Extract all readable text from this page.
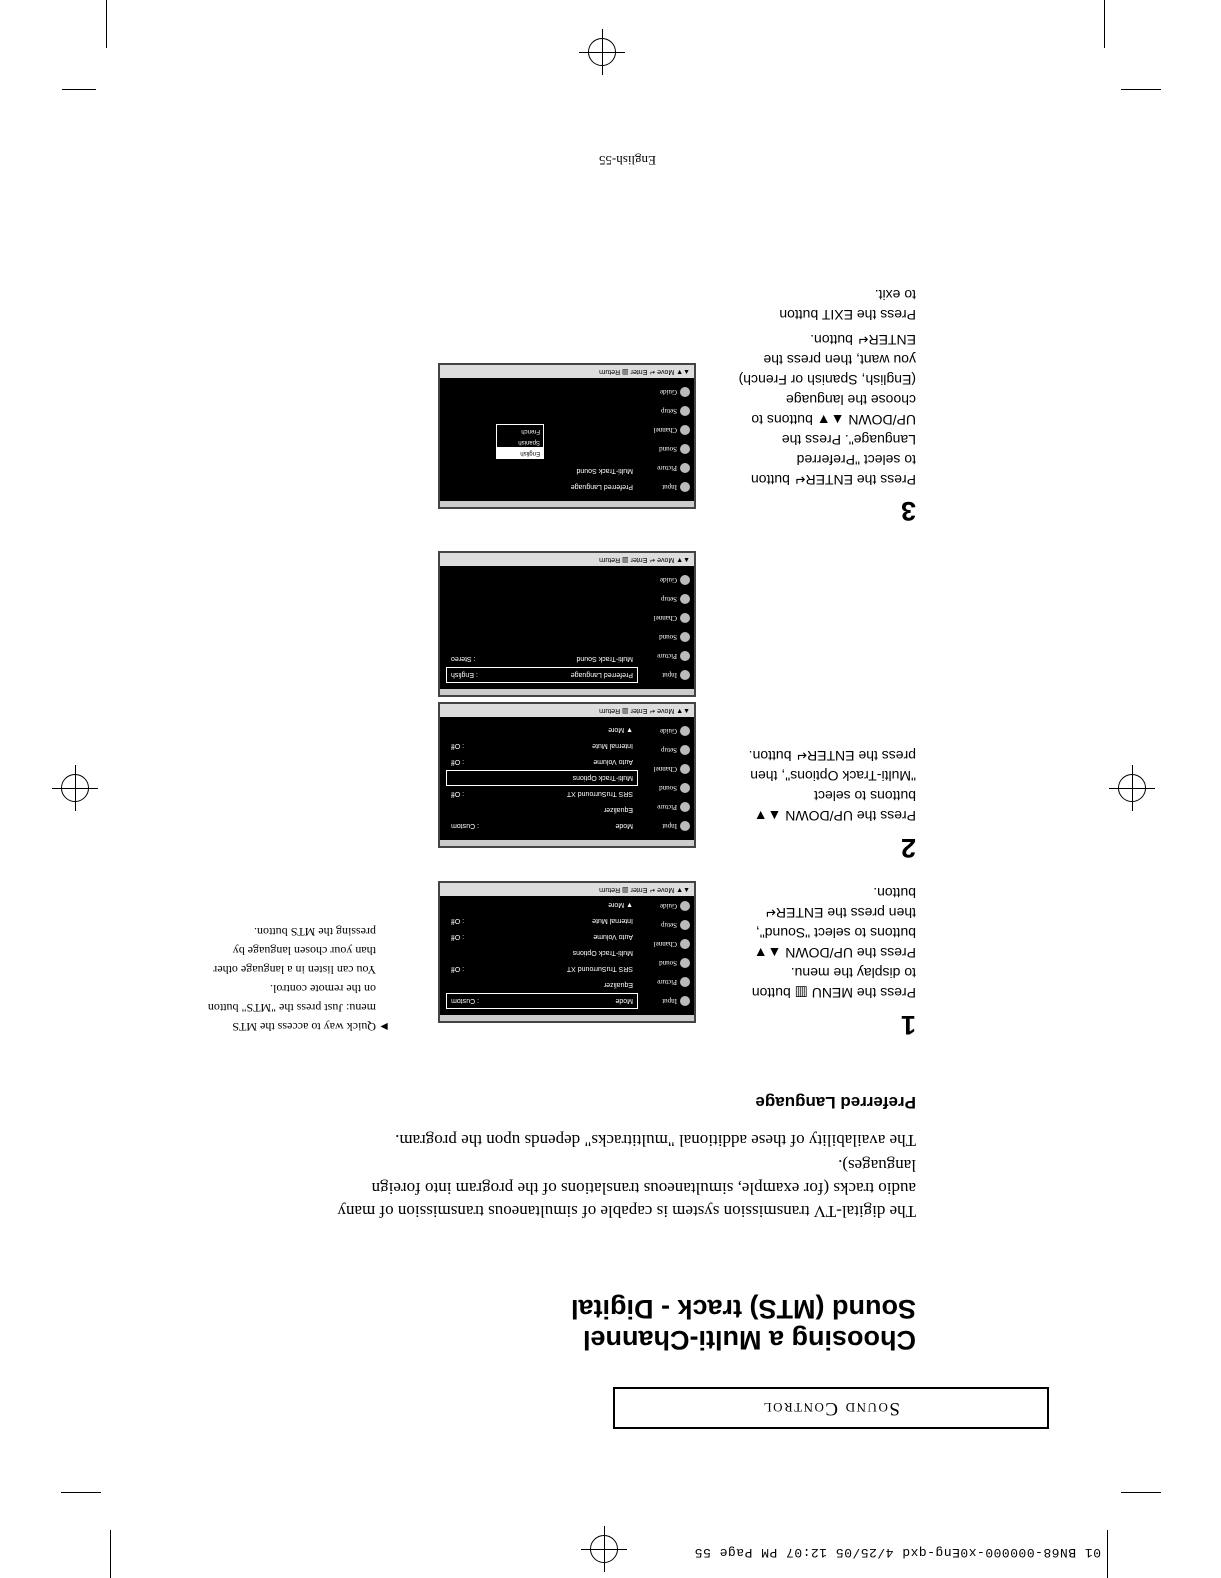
01 BN68-000000-x0Eng-qxd 4/25/05 12:07 PM Page 55
Sound Control
Choosing a Multi-Channel
Sound (MTS) track - Digital

The digital-TV transmission system is capable of simultaneous transmission of many audio tracks (for example, simultaneous translations of the program into foreign languages).

The availability of these additional "multitracks" depends upon the program.

Preferred Language
1
Press the MENU ▥ button
to display the menu.
Press the UP/DOWN ▲▼
buttons to select "Sound",
then press the ENTER↵
button.
Input
Picture
Sound
Channel
Setup
Guide
Mode
: Custom
Equalizer
SRS TruSurround XT
: Off
Multi-Track Options
Auto Volume
: Off
Internal Mute
: Off
▼ More
▲▼ Move ↵ Enter ▥ Return
2
Press the UP/DOWN ▲▼
buttons to select
"Multi-Track Options", then
press the ENTER↵ button.
Input
Picture
Sound
Channel
Setup
Guide
Mode
: Custom
Equalizer
SRS TruSurround XT
: Off
Multi-Track Options
Auto Volume
: Off
Internal Mute
: Off
▼ More
▲▼ Move ↵ Enter ▥ Return
Input
Picture
Sound
Channel
Setup
Guide
Preferred Language
: English
Multi-Track Sound
: Stereo
▲▼ Move ↵ Enter ▥ Return
3
Press the ENTER↵ button
to select "Preferred
Language". Press the
UP/DOWN ▲▼ buttons to
choose the language
(English, Spanish or French)
you want, then press the
ENTER↵ button.
Input
Picture
Sound
Channel
Setup
Guide
Preferred Language
Multi-Track Sound
English
Spanish
French
▲▼ Move ↵ Enter ▥ Return
Press the EXIT button
to exit.
►
Quick way to access the MTS
menu: Just press the "MTS" button
on the remote control.
You can listen in a language other
than your chosen language by
pressing the MTS button.
English-55
